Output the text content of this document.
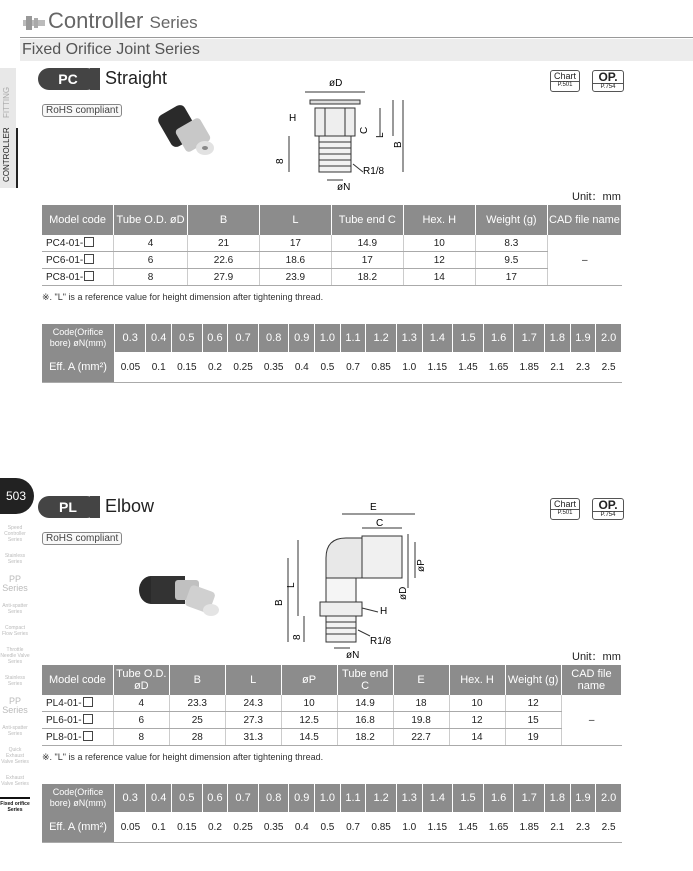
Controller Series
Fixed Orifice Joint Series
FITTING
CONTROLLER
503
Speed Controller Series
Stainless Series
PP Series
Anti-spatter Series
Compact Flow Series
Throttle Needle Valve Series
Stainless Series
PP Series
Anti-spatter Series
Quick Exhaust Valve Series
Exhaust Valve Series
Fixed orifice Series
PC	Straight
RoHS compliant
Chart
P.501
OP.
P.754
øD
H
C
L
B
8
R1/8
øN
Unit：mm
Model code	Tube O.D. øD	B	L	Tube end C	Hex. H	Weight (g)	CAD file name
PC4-01-	4	21	17	14.9	10	8.3	–
PC6-01-	6	22.6	18.6	17	12	9.5	
PC8-01-	8	27.9	23.9	18.2	14	17	
※. "L" is a reference value for height dimension after tightening thread.
Code(Orifice bore) øN(mm)	0.3	0.4	0.5	0.6	0.7	0.8	0.9	1.0	1.1	1.2	1.3	1.4	1.5	1.6	1.7	1.8	1.9	2.0
Eff. A (mm²)	0.05	0.1	0.15	0.2	0.25	0.35	0.4	0.5	0.7	0.85	1.0	1.15	1.45	1.65	1.85	2.1	2.3	2.5
PL	Elbow
RoHS compliant
Chart
P.501
OP.
P.754
E
C
øP
øD
L
B
H
8	R1/8
øN	Unit：mm
Model code	Tube O.D. øD	B	L	øP	Tube end C	E	Hex. H	Weight (g)	CAD file name
PL4-01-	4	23.3	24.3	10	14.9	18	10	12	–
PL6-01-	6	25	27.3	12.5	16.8	19.8	12	15	
PL8-01-	8	28	31.3	14.5	18.2	22.7	14	19	
※. "L" is a reference value for height dimension after tightening thread.
Code(Orifice bore) øN(mm)	0.3	0.4	0.5	0.6	0.7	0.8	0.9	1.0	1.1	1.2	1.3	1.4	1.5	1.6	1.7	1.8	1.9	2.0
Eff. A (mm²)	0.05	0.1	0.15	0.2	0.25	0.35	0.4	0.5	0.7	0.85	1.0	1.15	1.45	1.65	1.85	2.1	2.3	2.5
